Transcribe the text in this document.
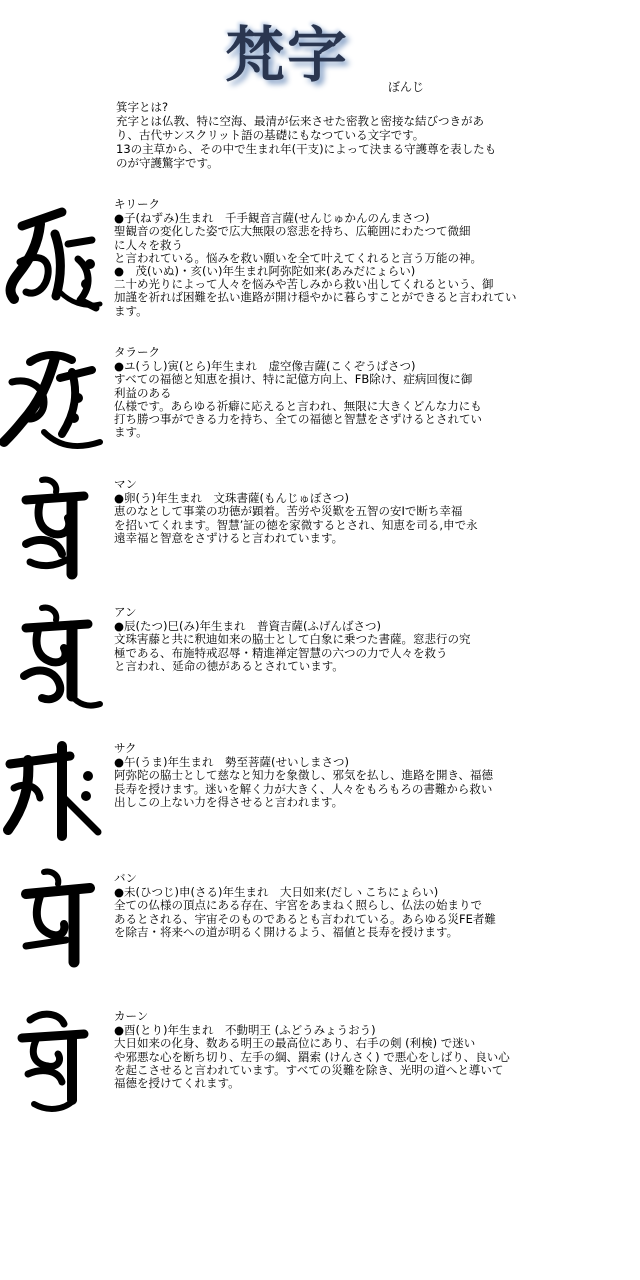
梵字	ぼんじ
箕字とは?
充字とは仏教、特に空海、最清が伝来させた密教と密接な結びつきがあ
り、古代サンスクリット語の基礎にもなつている文字です。
13の主草から、その中で生まれ年(干支)によって決まる守護尊を表したも
のが守護驚字です。
キリーク
●子(ねずみ)生まれ　千手観音言薩(せんじゅかんのんまさつ)
聖観音の変化した姿で広大無限の窓悲を持ち、広範囲にわたつて微細
に人々を救う
と言われている。悩みを救い願いを全て叶えてくれると言う万能の神。
●　茂(いぬ)・亥(い)年生まれ阿弥陀如来(あみだにょらい)
二十め光りによって人々を悩みや苦しみから救い出してくれるという、御
加謹を祈れば困難を払い進路が開け穏やかに暮らすことができると言われてい
ます。
タラーク
●ユ(うし)寅(とら)年生まれ　虚空像吉薩(こくぞうぱさつ)
すべての福徳と知恵を損け、特に記億方向上、FB除け、症病回復に御
利益のある
仏様です。あらゆる祈癖に応えると言われ、無限に大きくどんな力にも
打ち勝つ事ができる力を持ち、全ての福徳と智慧をさずけるとされてい
ます。
マン
●卵(う)年生まれ　文珠書薩(もんじゅぼさつ)
恵のなとして事業の功德が顕着。苦労や災歎を五智の安Iで断ち幸福
を招いてくれます。智慧’証の徳を家微するとされ、知恵を司る,申で永
遠幸福と智意をさずけると言われています。
アン
●辰(たつ)巳(み)年生まれ　普資吉薩(ふげんばさつ)
文珠害藤と共に釈迪如来の脇士として白象に乗つた書薩。窓悲行の究
極である、布施特戒忍辱・精進禅定智慧の六つの力で人々を救う
と言われ、延命の徳があるとされています。
サク
●午(うま)年生まれ　勢至菩薩(せいしまさつ)
阿弥陀の脇士として慈なと知力を象徴し、邪気を払し、進路を開き、福德
長寿を授けます。迷いを解く力が大きく、人々をもろもろの書難から救い
出しこの上ない力を得させると言われます。
バン
●未(ひつじ)申(さる)年生まれ　大日如来(だしヽこちにょらい)
全ての仏様の頂点にある存在、宇宮をあまねく照らし、仏法の始まりで
あるとされる、宇宙そのものであるとも言われている。あらゆる災FE者難
を除吉・将来への道が明るく開けるよう、福値と長寿を授けます。
カーン
●酉(とり)年生まれ　不動明王 (ふどうみょうおう)
大日如来の化身、数ある明王の最高位にあり、右手の剣 (利検) で迷い
や邪悪な心を断ち切り、左手の綱、羂索 (けんさく) で悪心をしばり、良い心
を起こさせると言われています。すべての災難を除き、光明の道へと導いて
福德を授けてくれます。
